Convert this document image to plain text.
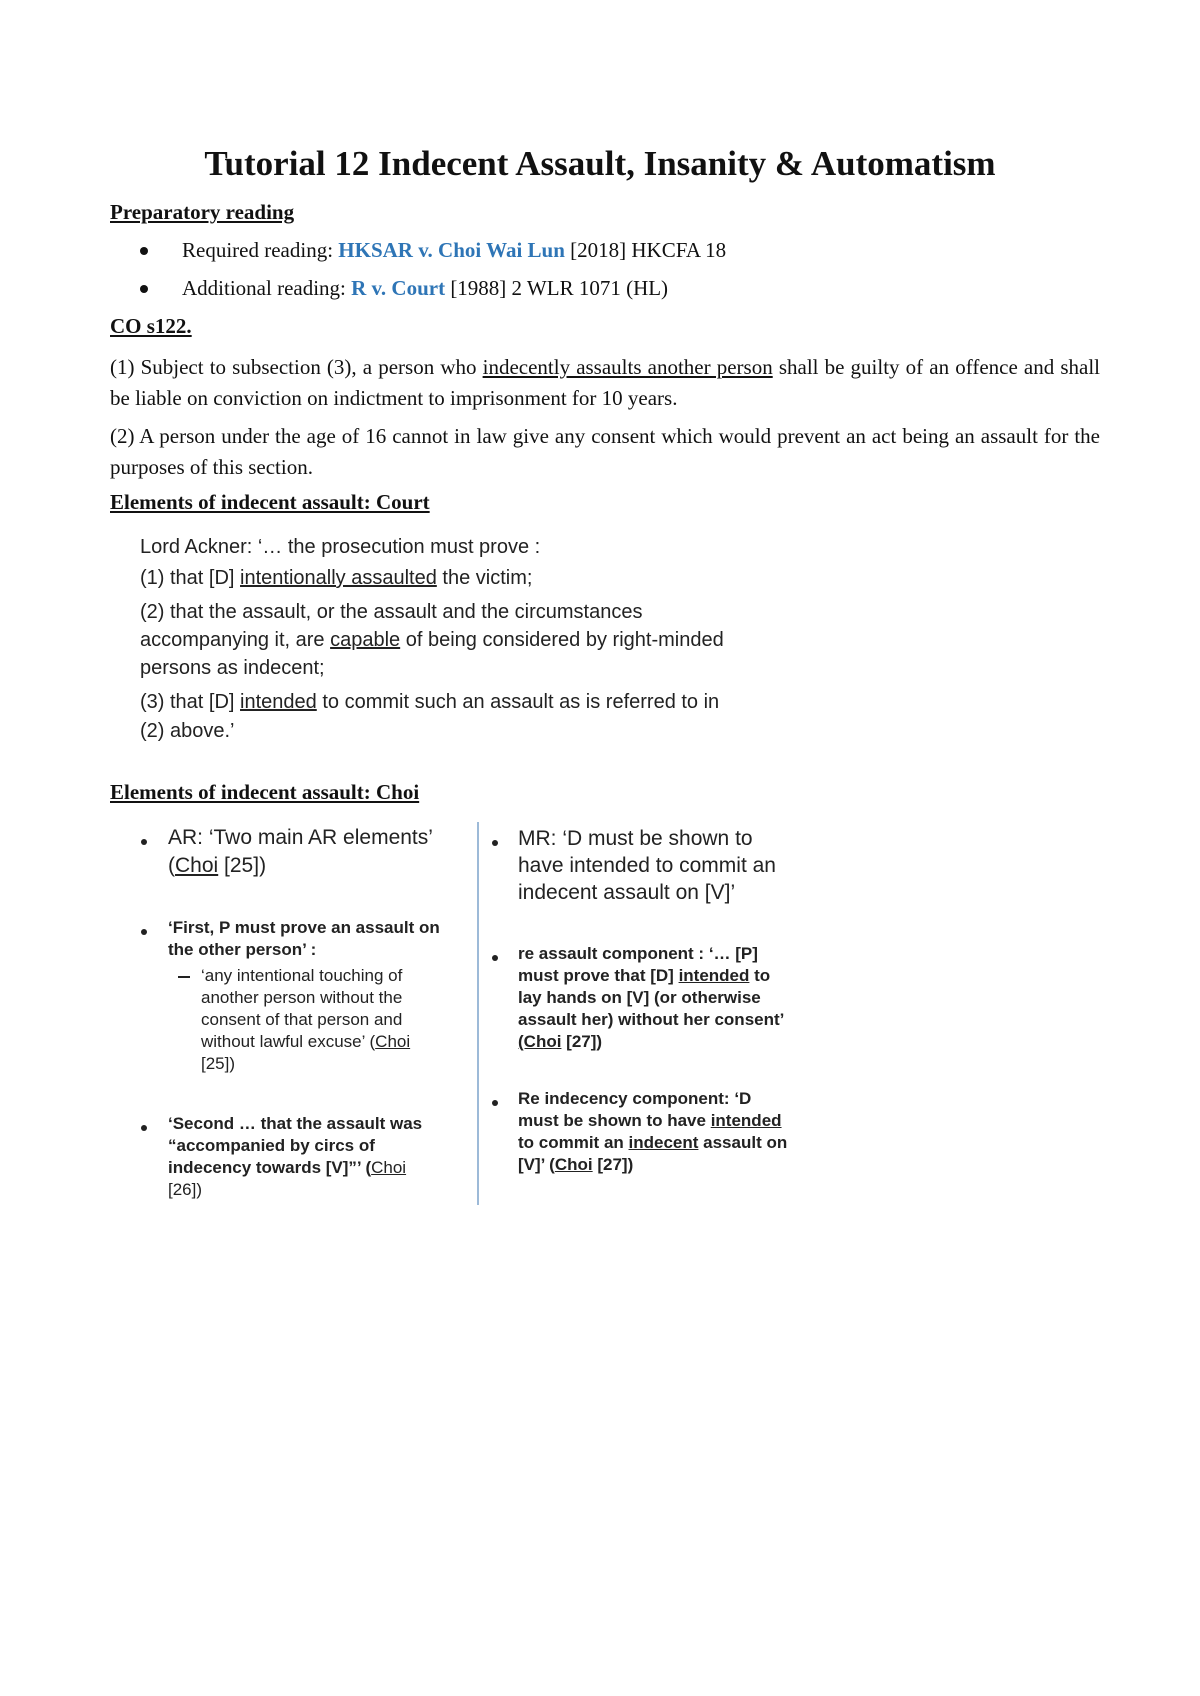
Tutorial 12 Indecent Assault, Insanity & Automatism
Preparatory reading
Required reading: HKSAR v. Choi Wai Lun [2018] HKCFA 18
Additional reading: R v. Court [1988] 2 WLR 1071 (HL)
CO s122.
(1) Subject to subsection (3), a person who indecently assaults another person shall be guilty of an offence and shall be liable on conviction on indictment to imprisonment for 10 years.
(2) A person under the age of 16 cannot in law give any consent which would prevent an act being an assault for the purposes of this section.
Elements of indecent assault: Court
Lord Ackner: ‘… the prosecution must prove :
(1) that [D] intentionally assaulted the victim;
(2) that the assault, or the assault and the circumstances
accompanying it, are capable of being considered by right-minded
persons as indecent;
(3) that [D] intended to commit such an assault as is referred to in
(2) above.’
Elements of indecent assault: Choi
AR: ‘Two main AR elements’
(Choi [25])
‘First, P must prove an assault on
the other person’ :
‘any intentional touching of
another person without the
consent of that person and
without lawful excuse’ (Choi
[25])
‘Second … that the assault was
“accompanied by circs of
indecency towards [V]”’ (Choi
[26])
MR: ‘D must be shown to
have intended to commit an
indecent assault on [V]’
re assault component : ‘… [P]
must prove that [D] intended to
lay hands on [V] (or otherwise
assault her) without her consent’
(Choi [27])
Re indecency component: ‘D
must be shown to have intended
to commit an indecent assault on
[V]’ (Choi [27])
